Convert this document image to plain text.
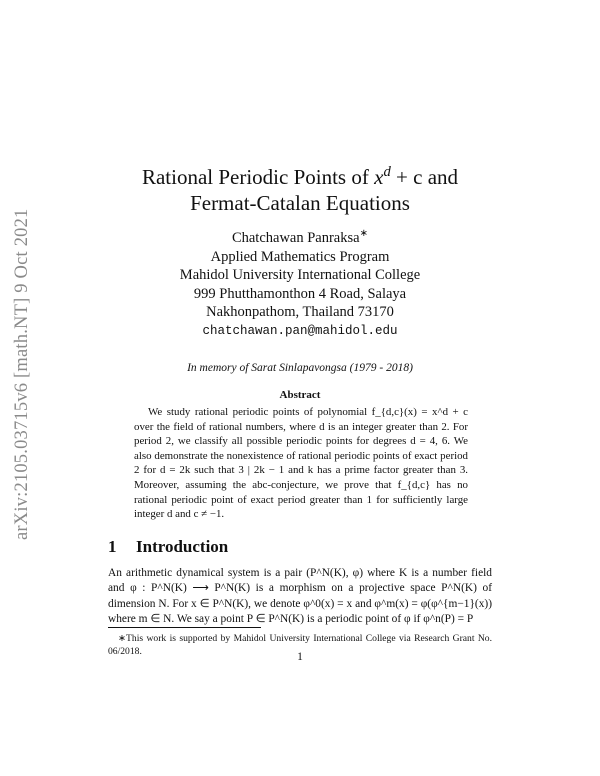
arXiv:2105.03715v6 [math.NT] 9 Oct 2021
Rational Periodic Points of $x^d + c$ and
Fermat-Catalan Equations
Chatchawan Panraksa∗
Applied Mathematics Program
Mahidol University International College
999 Phutthamonthon 4 Road, Salaya
Nakhonpathom, Thailand 73170
chatchawan.pan@mahidol.edu
In memory of Sarat Sinlapavongsa (1979 - 2018)
Abstract

We study rational periodic points of polynomial f_{d,c}(x) = x^d + c over the field of rational numbers, where d is an integer greater than 2. For period 2, we classify all possible periodic points for degrees d = 4, 6. We also demonstrate the nonexistence of rational periodic points of exact period 2 for d = 2k such that 3 | 2k − 1 and k has a prime factor greater than 3. Moreover, assuming the abc-conjecture, we prove that f_{d,c} has no rational periodic point of exact period greater than 1 for sufficiently large integer d and c ≠ −1.

1 Introduction

An arithmetic dynamical system is a pair (P^N(K), φ) where K is a number field and φ : P^N(K) ⟶ P^N(K) is a morphism on a projective space P^N(K) of dimension N. For x ∈ P^N(K), we denote φ^0(x) = x and φ^m(x) = φ(φ^{m−1}(x)) where m ∈ N. We say a point P ∈ P^N(K) is a periodic point of φ if φ^n(P) = P

∗This work is supported by Mahidol University International College via Research Grant No. 06/2018.	1
